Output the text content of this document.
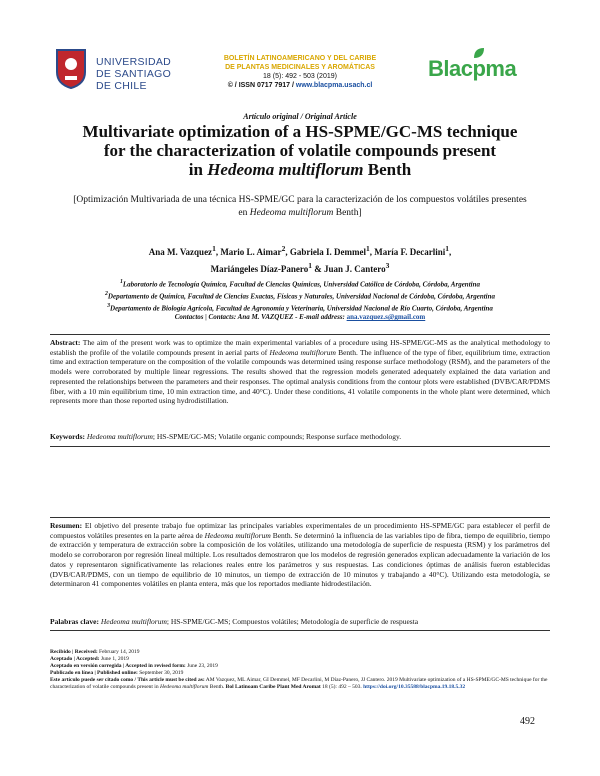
UNIVERSIDAD
DE SANTIAGO
DE CHILE
BOLETÍN LATINOAMERICANO Y DEL CARIBE
DE PLANTAS MEDICINALES Y AROMÁTICAS
18 (5): 492 - 503 (2019)
© / ISSN 0717 7917 / www.blacpma.usach.cl
Blacpma
Artículo original / Original Article
Multivariate optimization of a HS-SPME/GC-MS technique
for the characterization of volatile compounds present
in Hedeoma multiflorum Benth
[Optimización Multivariada de una técnica HS-SPME/GC para la caracterización de los compuestos volátiles presentes en Hedeoma multiflorum Benth]
Ana M. Vazquez$^1$, Mario L. Aimar$^2$, Gabriela I. Demmel$^1$, María F. Decarlini$^1$,
Mariángeles Díaz-Panero$^1$ & Juan J. Cantero$^3$
$^1$Laboratorio de Tecnología Química, Facultad de Ciencias Químicas, Universidad Católica de Córdoba, Córdoba, Argentina
$^2$Departamento de Química, Facultad de Ciencias Exactas, Físicas y Naturales, Universidad Nacional de Córdoba, Córdoba, Argentina
$^3$Departamento de Biología Agrícola, Facultad de Agronomía y Veterinaria, Universidad Nacional de Río Cuarto, Córdoba, Argentina
Contactos | Contacts: Ana M. VAZQUEZ - E-mail address: ana.vazquez.s@gmail.com
Abstract: The aim of the present work was to optimize the main experimental variables of a procedure using HS-SPME/GC-MS as the analytical methodology to establish the profile of the volatile compounds present in aerial parts of Hedeoma multiflorum Benth. The influence of the type of fiber, equilibrium time, extraction time and extraction temperature on the composition of the volatile compounds was determined using response surface methodology (RSM), and the parameters of the models were corroborated by multiple linear regressions. The results showed that the regression models generated adequately explained the data variation and represented the relationships between the parameters and their responses. The optimal analysis conditions from the contour plots were established (DVB/CAR/PDMS fiber, with a 10 min equilibrium time, 10 min extraction time, and 40°C). Under these conditions, 41 volatile components in the whole plant were determined, which represents more than those reported using hydrodistillation.
Keywords: Hedeoma multiflorum; HS-SPME/GC-MS; Volatile organic compounds; Response surface methodology.
Resumen: El objetivo del presente trabajo fue optimizar las principales variables experimentales de un procedimiento HS-SPME/GC para establecer el perfil de compuestos volátiles presentes en la parte aérea de Hedeoma multiflorum Benth. Se determinó la influencia de las variables tipo de fibra, tiempo de equilibrio, tiempo de extracción y temperatura de extracción sobre la composición de los volátiles, utilizando una metodología de superficie de respuesta (RSM) y los parámetros del modelo se corroboraron por regresión lineal múltiple. Los resultados demostraron que los modelos de regresión generados explican adecuadamente la variación de los datos y representaron significativamente las relaciones reales entre los parámetros y sus respuestas. Las condiciones óptimas de análisis fueron establecidas (DVB/CAR/PDMS, con un tiempo de equilibrio de 10 minutos, un tiempo de extracción de 10 minutos y trabajando a 40°C). Utilizando esta metodología, se determinaron 41 componentes volátiles en planta entera, más que los reportados mediante hidrodestilación.
Palabras clave: Hedeoma multiflorum; HS-SPME/GC-MS; Compuestos volátiles; Metodología de superficie de respuesta
Recibido | Received: February 14, 2019
Aceptado | Accepted: June 1, 2019
Aceptado en versión corregida | Accepted in revised form: June 23, 2019
Publicado en línea | Published online: September 30, 2019
Este artículo puede ser citado como / This article must be cited as: AM Vazquez, ML Aimar, GI Demmel, MF Decarlini, M Díaz-Panero, JJ Cantero. 2019 Multivariate optimization of a HS-SPME/GC-MS technique for the characterization of volatile compounds present in Hedeoma multiflorum Benth. Bol Latinoam Caribe Plant Med Aromat 18 (5): 492 – 503. https://doi.org/10.35588/blacpma.19.18.5.32
492
